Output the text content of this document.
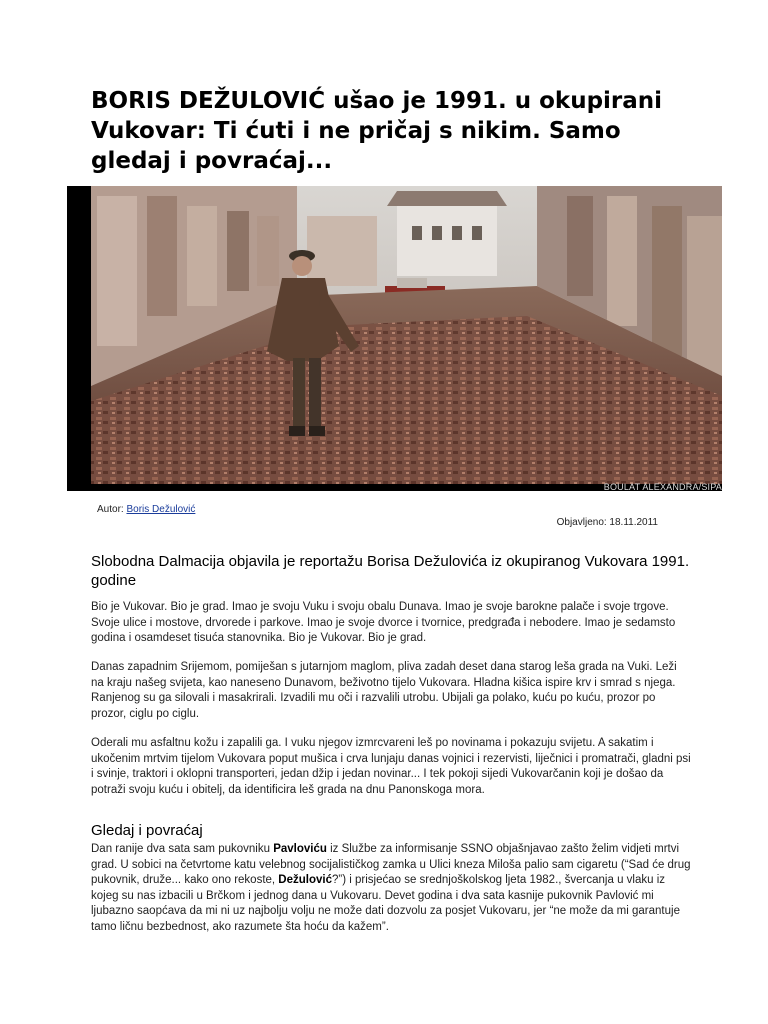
BORIS DEŽULOVIĆ ušao je 1991. u okupirani Vukovar: Ti ćuti i ne pričaj s nikim. Samo gledaj i povraćaj...
BOULAT ALEXANDRA/SIPA
Autor: Boris Dežulović
Objavljeno: 18.11.2011
Slobodna Dalmacija objavila je reportažu Borisa Dežulovića iz okupiranog Vukovara 1991. godine

Bio je Vukovar. Bio je grad. Imao je svoju Vuku i svoju obalu Dunava. Imao je svoje barokne palače i svoje trgove. Svoje ulice i mostove, drvorede i parkove. Imao je svoje dvorce i tvornice, predgrađa i nebodere. Imao je sedamsto godina i osamdeset tisuća stanovnika. Bio je Vukovar. Bio je grad.

Danas zapadnim Srijemom, pomiješan s jutarnjom maglom, pliva zadah deset dana starog leša grada na Vuki. Leži na kraju našeg svijeta, kao naneseno Dunavom, beživotno tijelo Vukovara. Hladna kišica ispire krv i smrad s njega. Ranjenog su ga silovali i masakrirali. Izvadili mu oči i razvalili utrobu. Ubijali ga polako, kuću po kuću, prozor po prozor, ciglu po ciglu.

Oderali mu asfaltnu kožu i zapalili ga. I vuku njegov izmrcvareni leš po novinama i pokazuju svijetu. A sakatim i ukočenim mrtvim tijelom Vukovara poput mušica i crva lunjaju danas vojnici i rezervisti, liječnici i promatrači, gladni psi i svinje, traktori i oklopni transporteri, jedan džip i jedan novinar... I tek pokoji sijedi Vukovarčanin koji je došao da potraži svoju kuću i obitelj, da identificira leš grada na dnu Panonskoga mora.

Gledaj i povraćaj

Dan ranije dva sata sam pukovniku Pavloviću iz Službe za informisanje SSNO objašnjavao zašto želim vidjeti mrtvi grad. U sobici na četvrtome katu velebnog socijalističkog zamka u Ulici kneza Miloša palio sam cigaretu (“Sad će drug pukovnik, druže... kako ono rekoste, Dežulović?”) i prisjećao se srednjoškolskog ljeta 1982., švercanja u vlaku iz kojeg su nas izbacili u Brčkom i jednog dana u Vukovaru. Devet godina i dva sata kasnije pukovnik Pavlović mi ljubazno saopćava da mi ni uz najbolju volju ne može dati dozvolu za posjet Vukovaru, jer “ne može da mi garantuje tamo ličnu bezbednost, ako razumete šta hoću da kažem”.
